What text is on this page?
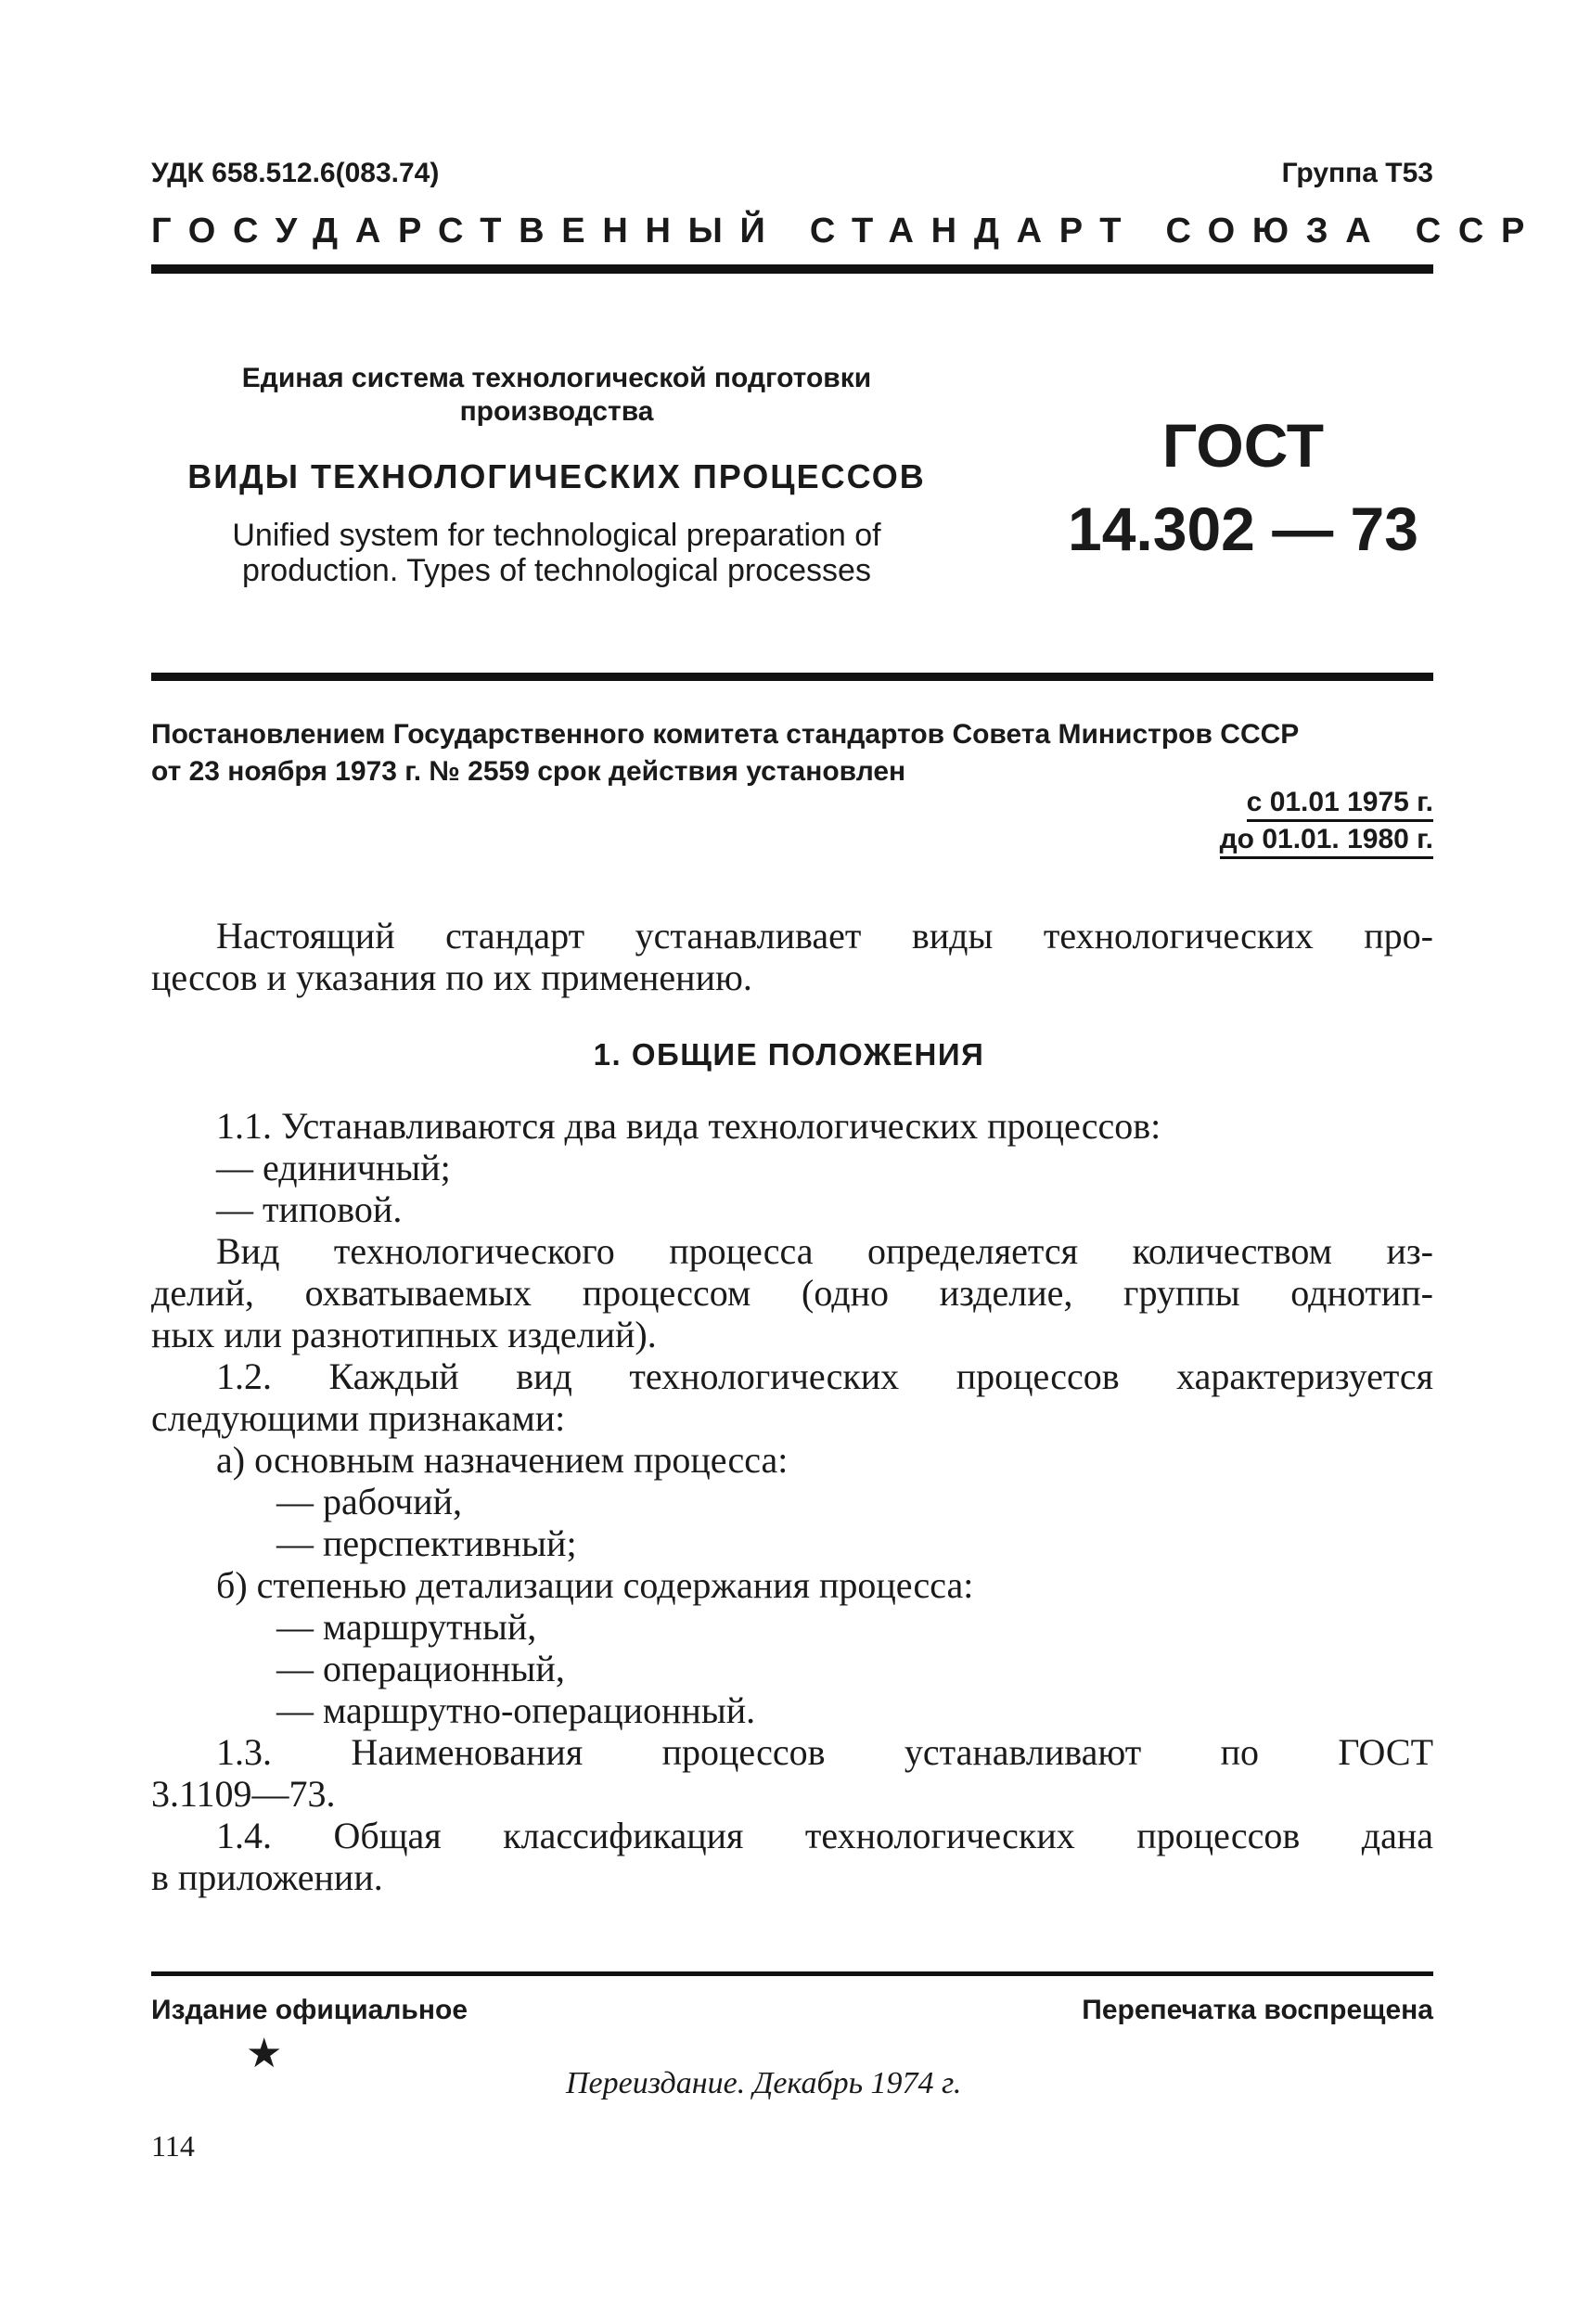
УДК 658.512.6(083.74)	Группа Т53
ГОСУДАРСТВЕННЫЙ СТАНДАРТ СОЮЗА ССР
Единая система технологической подготовки
производства
ВИДЫ ТЕХНОЛОГИЧЕСКИХ ПРОЦЕССОВ
Unified system for technological preparation of
production. Types of technological processes
ГОСТ
14.302 — 73
Постановлением Государственного комитета стандартов Совета Министров СССР
от 23 ноября 1973 г. № 2559 срок действия установлен
с 01.01 1975 г.
до 01.01. 1980 г.
Настоящий стандарт устанавливает виды технологических про-
цессов и указания по их применению.
1. ОБЩИЕ ПОЛОЖЕНИЯ
1.1. Устанавливаются два вида технологических процессов:
— единичный;
— типовой.
Вид технологического процесса определяется количеством из-
делий, охватываемых процессом (одно изделие, группы однотип-
ных или разнотипных изделий).
1.2. Каждый вид технологических процессов характеризуется
следующими признаками:
а) основным назначением процесса:
— рабочий,
— перспективный;
б) степенью детализации содержания процесса:
— маршрутный,
— операционный,
— маршрутно-операционный.
1.3. Наименования процессов устанавливают по ГОСТ
3.1109—73.
1.4. Общая классификация технологических процессов дана
в приложении.
Издание официальное	Перепечатка воспрещена
★
Переиздание. Декабрь 1974 г.
114
